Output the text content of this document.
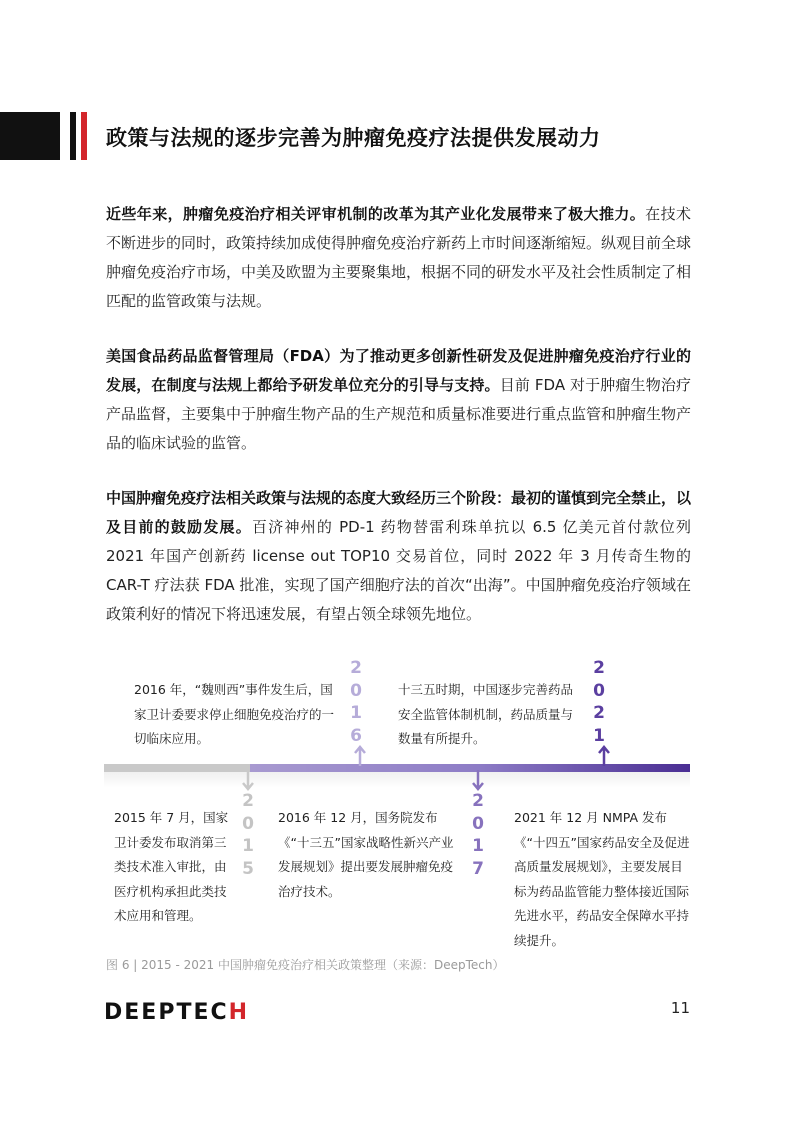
政策与法规的逐步完善为肿瘤免疫疗法提供发展动力

近些年来，肿瘤免疫治疗相关评审机制的改革为其产业化发展带来了极大推力。在技术不断进步的同时，政策持续加成使得肿瘤免疫治疗新药上市时间逐渐缩短。纵观目前全球肿瘤免疫治疗市场，中美及欧盟为主要聚集地，根据不同的研发水平及社会性质制定了相匹配的监管政策与法规。

美国食品药品监督管理局（FDA）为了推动更多创新性研发及促进肿瘤免疫治疗行业的发展，在制度与法规上都给予研发单位充分的引导与支持。目前 FDA 对于肿瘤生物治疗产品监督，主要集中于肿瘤生物产品的生产规范和质量标准要进行重点监管和肿瘤生物产品的临床试验的监管。

中国肿瘤免疫疗法相关政策与法规的态度大致经历三个阶段：最初的谨慎到完全禁止，以及目前的鼓励发展。百济神州的 PD-1 药物替雷利珠单抗以 6.5 亿美元首付款位列 2021 年国产创新药 license out TOP10 交易首位，同时 2022 年 3 月传奇生物的 CAR-T 疗法获 FDA 批准，实现了国产细胞疗法的首次“出海”。中国肿瘤免疫治疗领域在政策利好的情况下将迅速发展，有望占领全球领先地位。

2
0
1
6
2
0
2
1
2
0
1
5
2
0
1
7

2016 年，“魏则西”事件发生后，国家卫计委要求停止细胞免疫治疗的一切临床应用。

十三五时期，中国逐步完善药品安全监管体制机制，药品质量与数量有所提升。

2015 年 7 月，国家卫计委发布取消第三类技术准入审批，由医疗机构承担此类技术应用和管理。

2016 年 12 月，国务院发布《“十三五”国家战略性新兴产业发展规划》提出要发展肿瘤免疫治疗技术。

2021 年 12 月 NMPA 发布《“十四五”国家药品安全及促进高质量发展规划》，主要发展目标为药品监管能力整体接近国际先进水平，药品安全保障水平持续提升。

图 6 | 2015 - 2021 中国肿瘤免疫治疗相关政策整理（来源：DeepTech）

DEEPTECH	11
